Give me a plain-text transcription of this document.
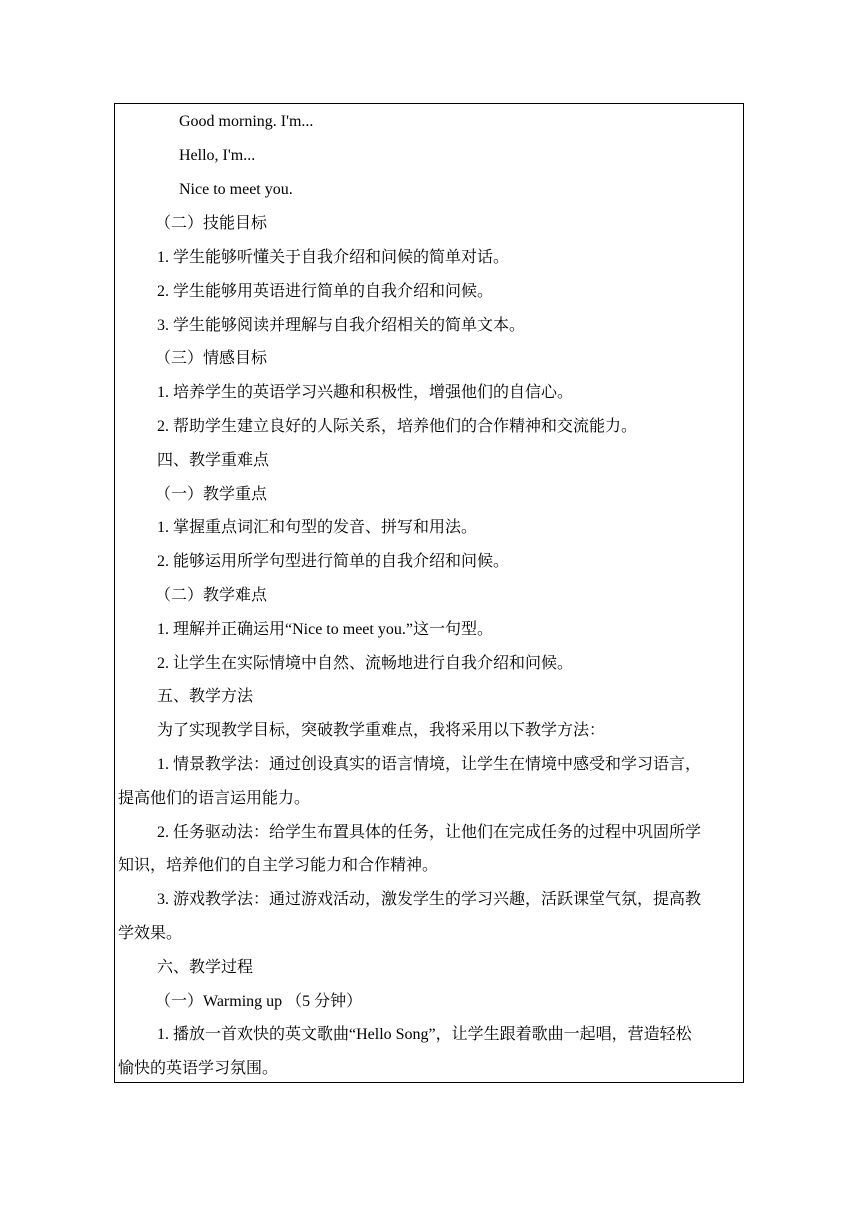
Good morning. I'm...
Hello, I'm...
Nice to meet you.
（二）技能目标
1. 学生能够听懂关于自我介绍和问候的简单对话。
2. 学生能够用英语进行简单的自我介绍和问候。
3. 学生能够阅读并理解与自我介绍相关的简单文本。
（三）情感目标
1. 培养学生的英语学习兴趣和积极性，增强他们的自信心。
2. 帮助学生建立良好的人际关系，培养他们的合作精神和交流能力。
四、教学重难点
（一）教学重点
1. 掌握重点词汇和句型的发音、拼写和用法。
2. 能够运用所学句型进行简单的自我介绍和问候。
（二）教学难点
1. 理解并正确运用“Nice to meet you.”这一句型。
2. 让学生在实际情境中自然、流畅地进行自我介绍和问候。
五、教学方法
为了实现教学目标，突破教学重难点，我将采用以下教学方法：
1. 情景教学法：通过创设真实的语言情境，让学生在情境中感受和学习语言，
提高他们的语言运用能力。
2. 任务驱动法：给学生布置具体的任务，让他们在完成任务的过程中巩固所学
知识，培养他们的自主学习能力和合作精神。
3. 游戏教学法：通过游戏活动，激发学生的学习兴趣，活跃课堂气氛，提高教
学效果。
六、教学过程
（一）Warming up （5 分钟）
1. 播放一首欢快的英文歌曲“Hello Song”，让学生跟着歌曲一起唱，营造轻松
愉快的英语学习氛围。
